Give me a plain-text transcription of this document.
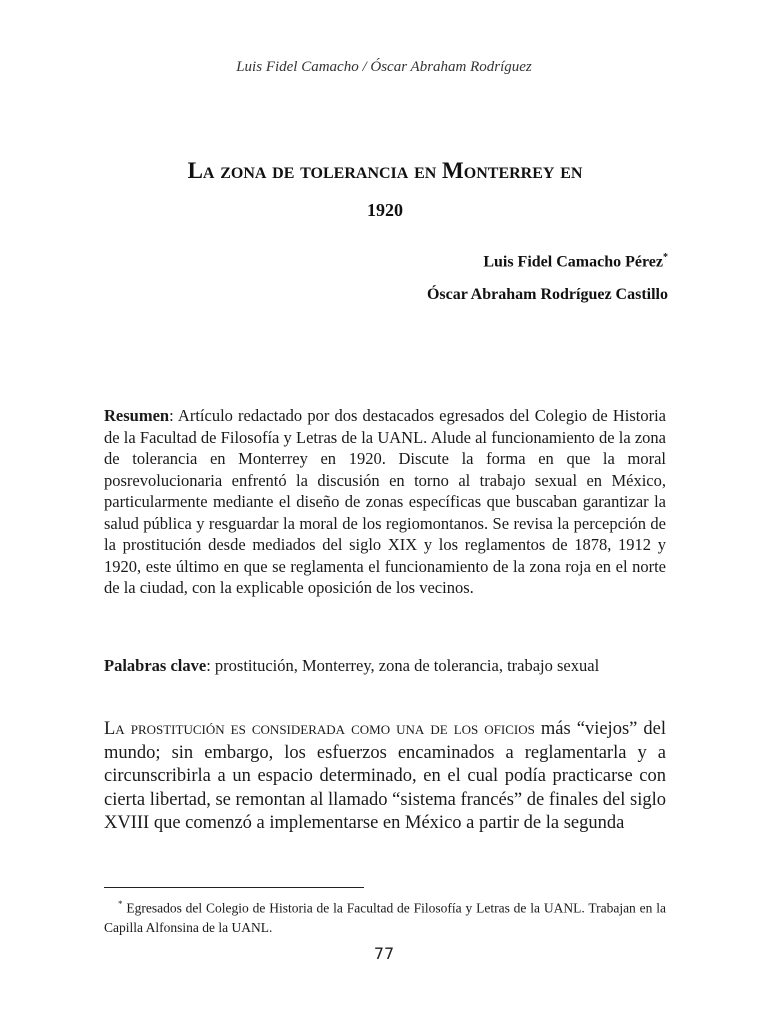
Luis Fidel Camacho / Óscar Abraham Rodríguez
La zona de tolerancia en Monterrey en
1920
Luis Fidel Camacho Pérez*
Óscar Abraham Rodríguez Castillo

Resumen: Artículo redactado por dos destacados egresados del Colegio de Historia de la Facultad de Filosofía y Letras de la UANL. Alude al funcionamiento de la zona de tolerancia en Monterrey en 1920. Discute la forma en que la moral posrevolucionaria enfrentó la discusión en torno al trabajo sexual en México, particularmente mediante el diseño de zonas específicas que buscaban garantizar la salud pública y resguardar la moral de los regiomontanos. Se revisa la percepción de la prostitución desde mediados del siglo XIX y los reglamentos de 1878, 1912 y 1920, este último en que se reglamenta el funcionamiento de la zona roja en el norte de la ciudad, con la explicable oposición de los vecinos.

Palabras clave: prostitución, Monterrey, zona de tolerancia, trabajo sexual

La prostitución es considerada como una de los oficios más “viejos” del mundo; sin embargo, los esfuerzos encaminados a reglamentarla y a circunscribirla a un espacio determinado, en el cual podía practicarse con cierta libertad, se remontan al llamado “sistema francés” de finales del siglo XVIII que comenzó a implementarse en México a partir de la segunda

* Egresados del Colegio de Historia de la Facultad de Filosofía y Letras de la UANL. Trabajan en la Capilla Alfonsina de la UANL.

77
